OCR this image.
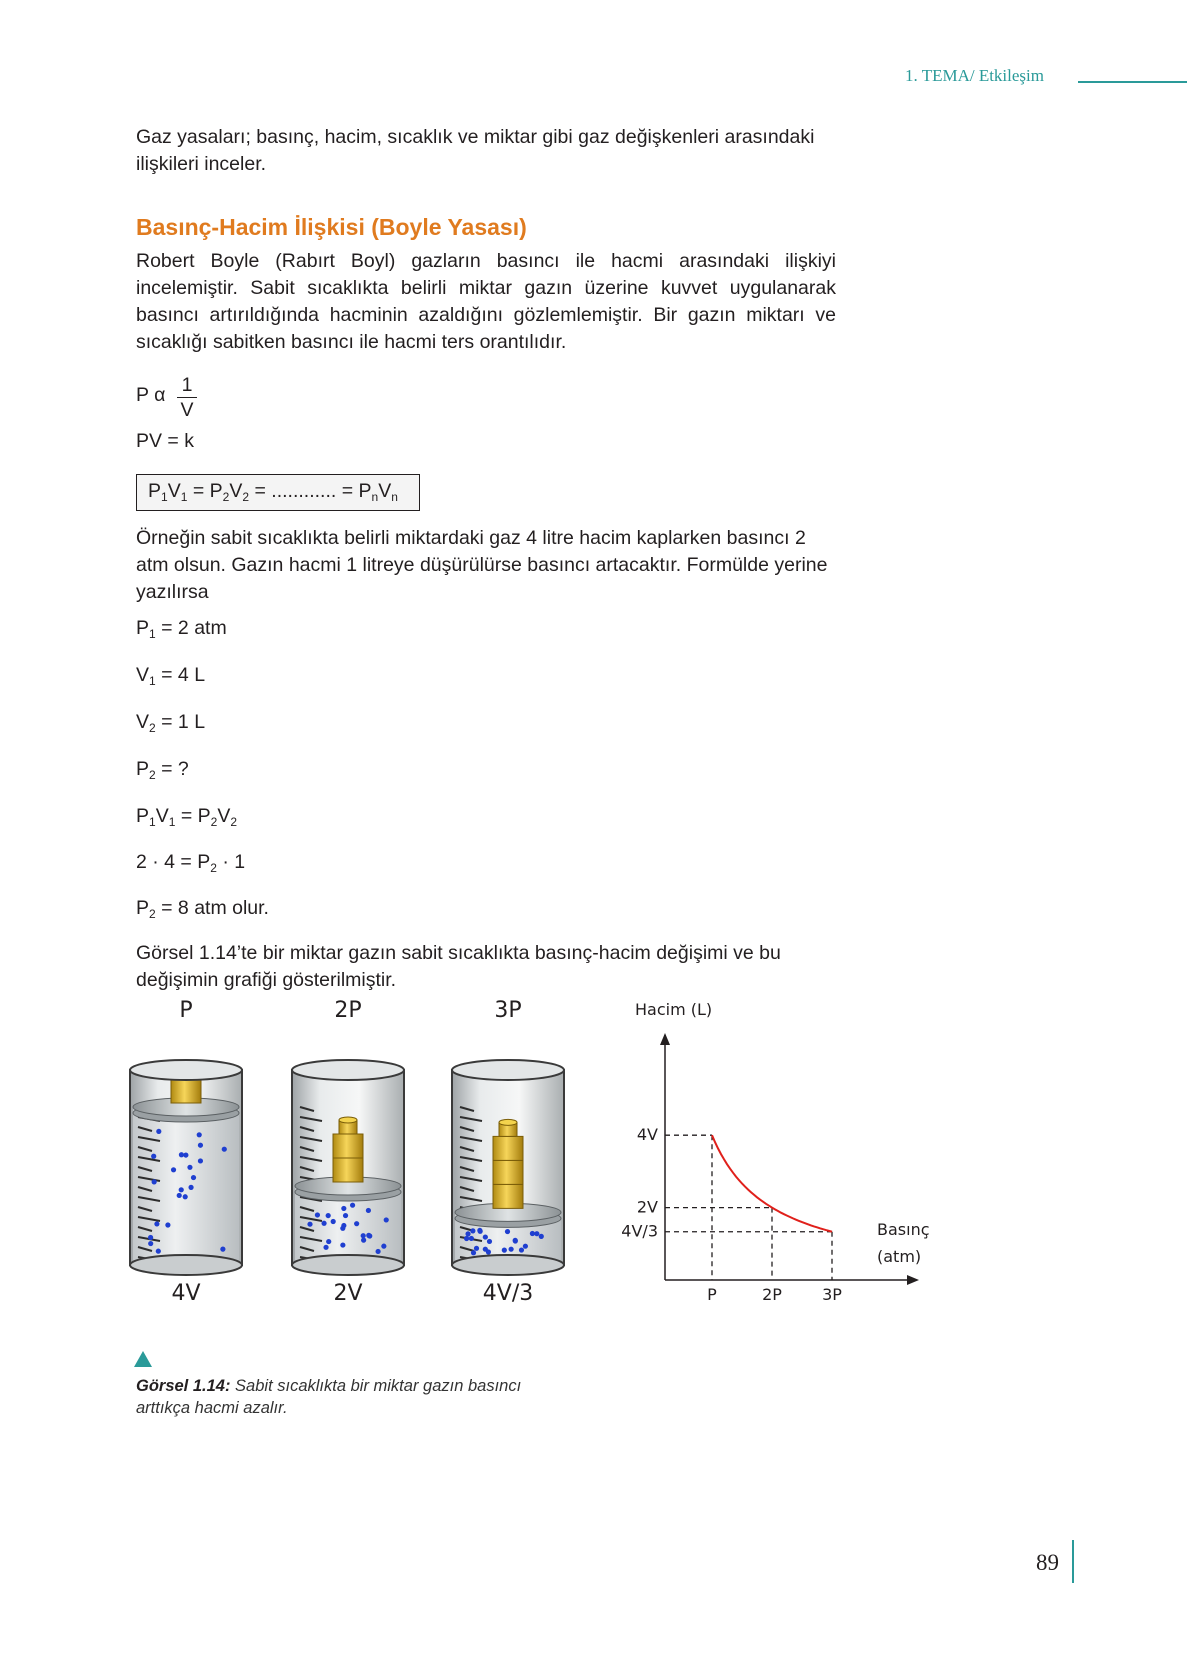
1. TEMA/ Etkileşim
Gaz yasaları; basınç, hacim, sıcaklık ve miktar gibi gaz değişkenleri arasındaki ilişkileri inceler.
Basınç-Hacim İlişkisi (Boyle Yasası)
Robert Boyle (Rabırt Boyl) gazların basıncı ile hacmi arasındaki ilişkiyi incelemiştir. Sabit sıcaklıkta belirli miktar gazın üzerine kuvvet uygulanarak basıncı artırıldığında hacminin azaldığını gözlemlemiştir. Bir gazın miktarı ve sıcaklığı sabitken basıncı ile hacmi ters orantılıdır.
P α $\frac{1}{V}$
PV = k
$P_1V_1 = P_2V_2$ = ............ = $P_nV_n$
Örneğin sabit sıcaklıkta belirli miktardaki gaz 4 litre hacim kaplarken basıncı 2 atm olsun. Gazın hacmi 1 litreye düşürülürse basıncı artacaktır. Formülde yerine yazılırsa
$P_1 = 2$ atm
$V_1 = 4$ L
$V_2 = 1$ L
$P_2$ = ?
$P_1V_1 = P_2V_2$
$2 \cdot 4 = P_2 \cdot 1$
$P_2 = 8$ atm olur.
Görsel 1.14’te bir miktar gazın sabit sıcaklıkta basınç-hacim değişimi ve bu değişimin grafiği gösterilmiştir.
P
4V
2P
2V
3P
4V/3
Hacim (L)
Basınç
(atm)
P	2P	3P
4V
2V
4V/3
Görsel 1.14: Sabit sıcaklıkta bir miktar gazın basıncı arttıkça hacmi azalır.
89
